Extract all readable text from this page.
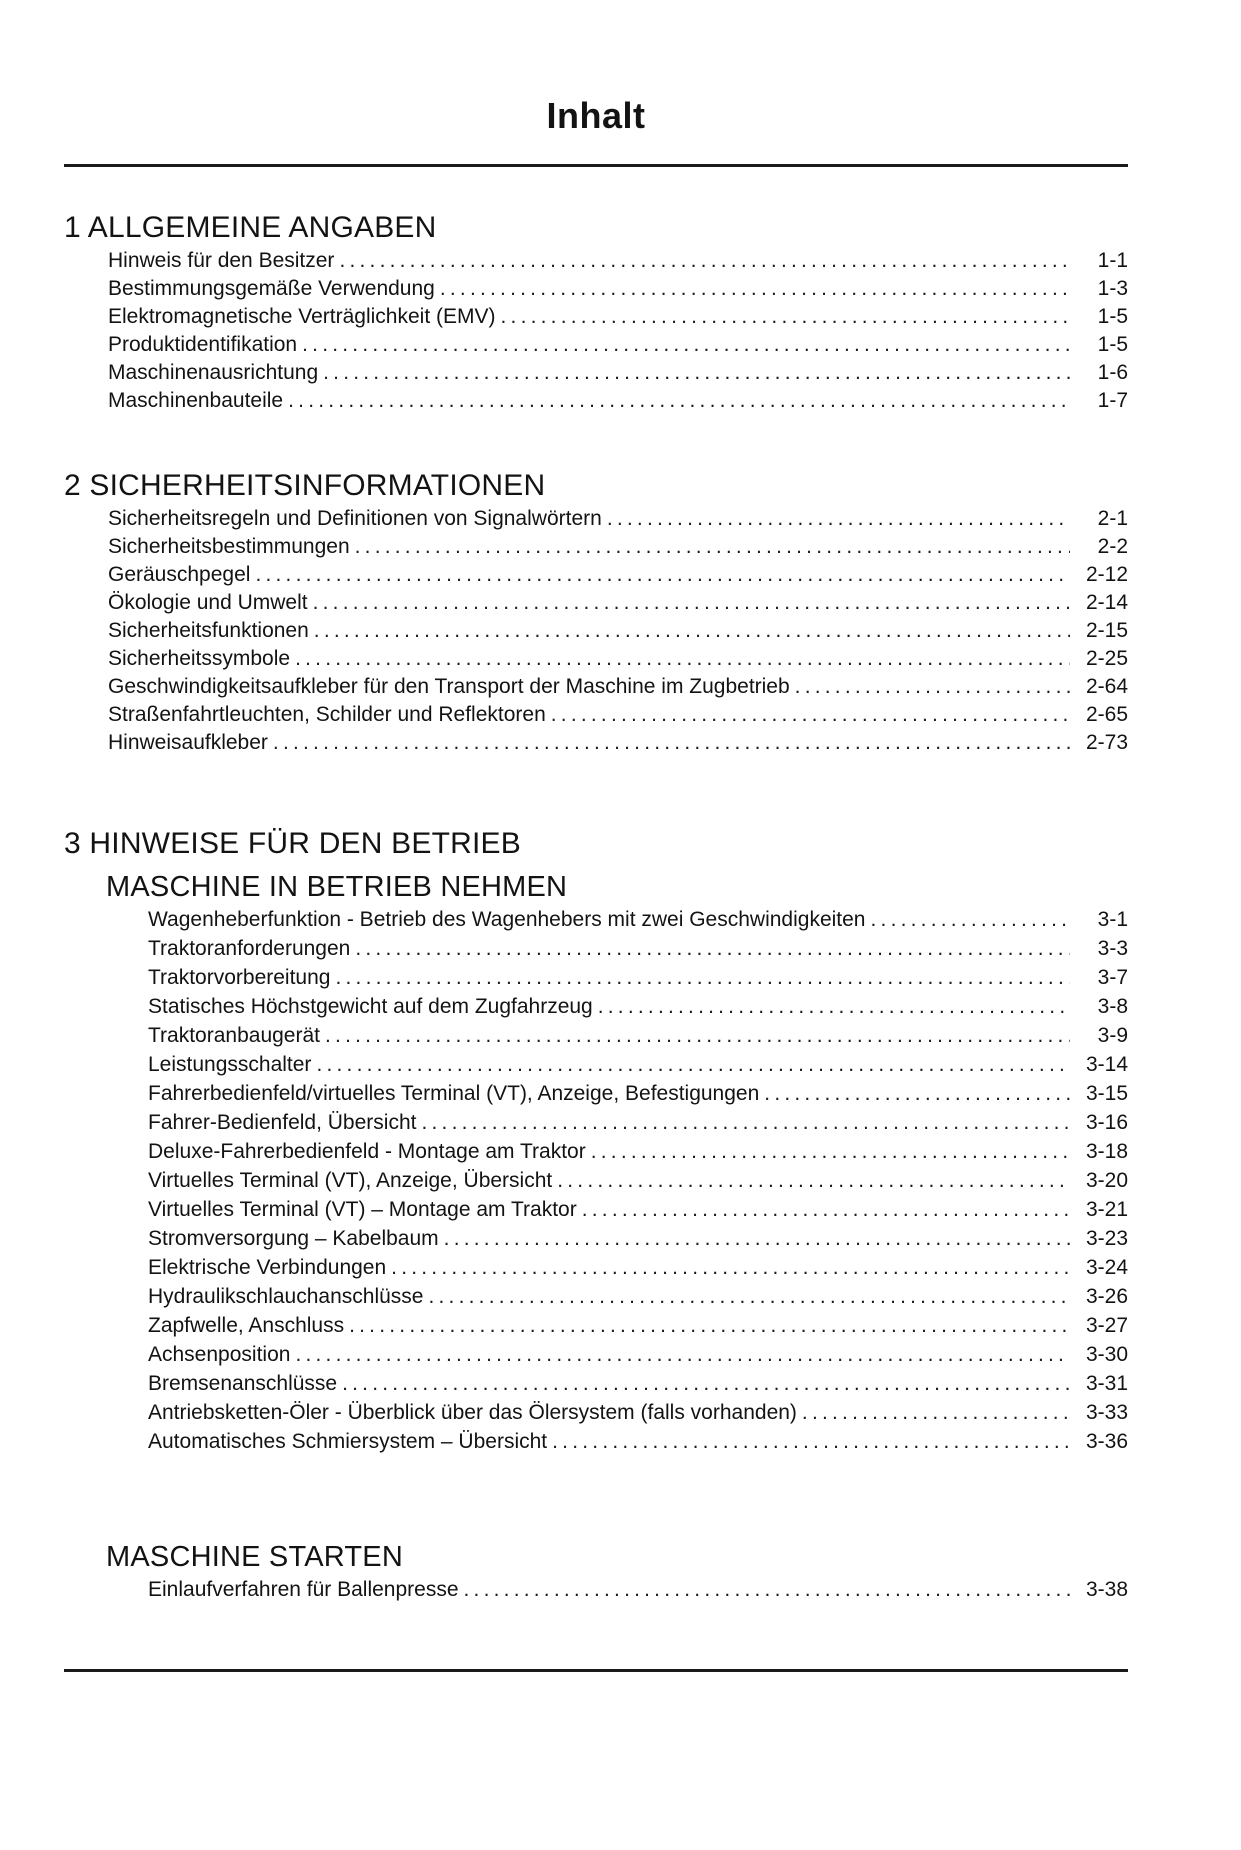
Inhalt
1 ALLGEMEINE ANGABEN
Hinweis für den Besitzer .....	1-1
Bestimmungsgemäße Verwendung .....	1-3
Elektromagnetische Verträglichkeit (EMV) .....	1-5
Produktidentifikation .....	1-5
Maschinenausrichtung .....	1-6
Maschinenbauteile .....	1-7
2 SICHERHEITSINFORMATIONEN
Sicherheitsregeln und Definitionen von Signalwörtern .....	2-1
Sicherheitsbestimmungen .....	2-2
Geräuschpegel .....	2-12
Ökologie und Umwelt .....	2-14
Sicherheitsfunktionen .....	2-15
Sicherheitssymbole .....	2-25
Geschwindigkeitsaufkleber für den Transport der Maschine im Zugbetrieb .....	2-64
Straßenfahrtleuchten, Schilder und Reflektoren .....	2-65
Hinweisaufkleber .....	2-73
3 HINWEISE FÜR DEN BETRIEB
MASCHINE IN BETRIEB NEHMEN
Wagenheberfunktion - Betrieb des Wagenhebers mit zwei Geschwindigkeiten .....	3-1
Traktoranforderungen .....	3-3
Traktorvorbereitung .....	3-7
Statisches Höchstgewicht auf dem Zugfahrzeug .....	3-8
Traktoranbaugerät .....	3-9
Leistungsschalter .....	3-14
Fahrerbedienfeld/virtuelles Terminal (VT), Anzeige, Befestigungen .....	3-15
Fahrer-Bedienfeld, Übersicht .....	3-16
Deluxe-Fahrerbedienfeld - Montage am Traktor .....	3-18
Virtuelles Terminal (VT), Anzeige, Übersicht .....	3-20
Virtuelles Terminal (VT) – Montage am Traktor .....	3-21
Stromversorgung – Kabelbaum .....	3-23
Elektrische Verbindungen .....	3-24
Hydraulikschlauchanschlüsse .....	3-26
Zapfwelle, Anschluss .....	3-27
Achsenposition .....	3-30
Bremsenanschlüsse .....	3-31
Antriebsketten-Öler - Überblick über das Ölersystem (falls vorhanden) .....	3-33
Automatisches Schmiersystem – Übersicht .....	3-36
MASCHINE STARTEN
Einlaufverfahren für Ballenpresse .....	3-38
